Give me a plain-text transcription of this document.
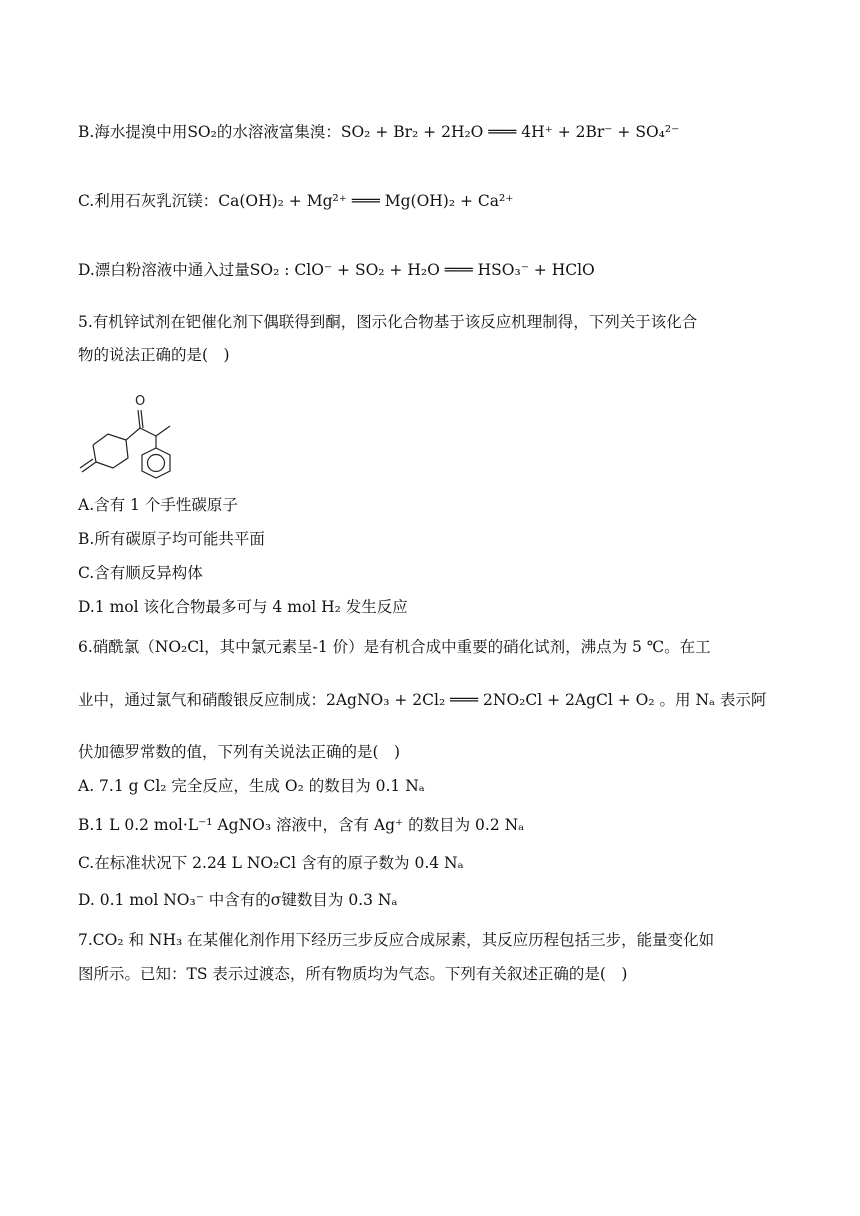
B.海水提溴中用SO₂的水溶液富集溴：SO₂ + Br₂ + 2H₂O ═══ 4H⁺ + 2Br⁻ + SO₄²⁻
C.利用石灰乳沉镁：Ca(OH)₂ + Mg²⁺ ═══ Mg(OH)₂ + Ca²⁺
D.漂白粉溶液中通入过量SO₂ : ClO⁻ + SO₂ + H₂O ═══ HSO₃⁻ + HClO
5.有机锌试剂在钯催化剂下偶联得到酮，图示化合物基于该反应机理制得，下列关于该化合
物的说法正确的是(　)
O
A.含有 1 个手性碳原子
B.所有碳原子均可能共平面
C.含有顺反异构体
D.1 mol 该化合物最多可与 4 mol H₂ 发生反应
6.硝酰氯（NO₂Cl，其中氯元素呈-1 价）是有机合成中重要的硝化试剂，沸点为 5 ℃。在工
业中，通过氯气和硝酸银反应制成：2AgNO₃ + 2Cl₂ ═══ 2NO₂Cl + 2AgCl + O₂ 。用 Nₐ 表示阿
伏加德罗常数的值，下列有关说法正确的是(　)
A. 7.1 g Cl₂ 完全反应，生成 O₂ 的数目为 0.1 Nₐ
B.1 L 0.2 mol·L⁻¹ AgNO₃ 溶液中，含有 Ag⁺ 的数目为 0.2 Nₐ
C.在标准状况下 2.24 L NO₂Cl 含有的原子数为 0.4 Nₐ
D. 0.1 mol NO₃⁻ 中含有的σ键数目为 0.3 Nₐ
7.CO₂ 和 NH₃ 在某催化剂作用下经历三步反应合成尿素，其反应历程包括三步，能量变化如
图所示。已知：TS 表示过渡态，所有物质均为气态。下列有关叙述正确的是(　)
